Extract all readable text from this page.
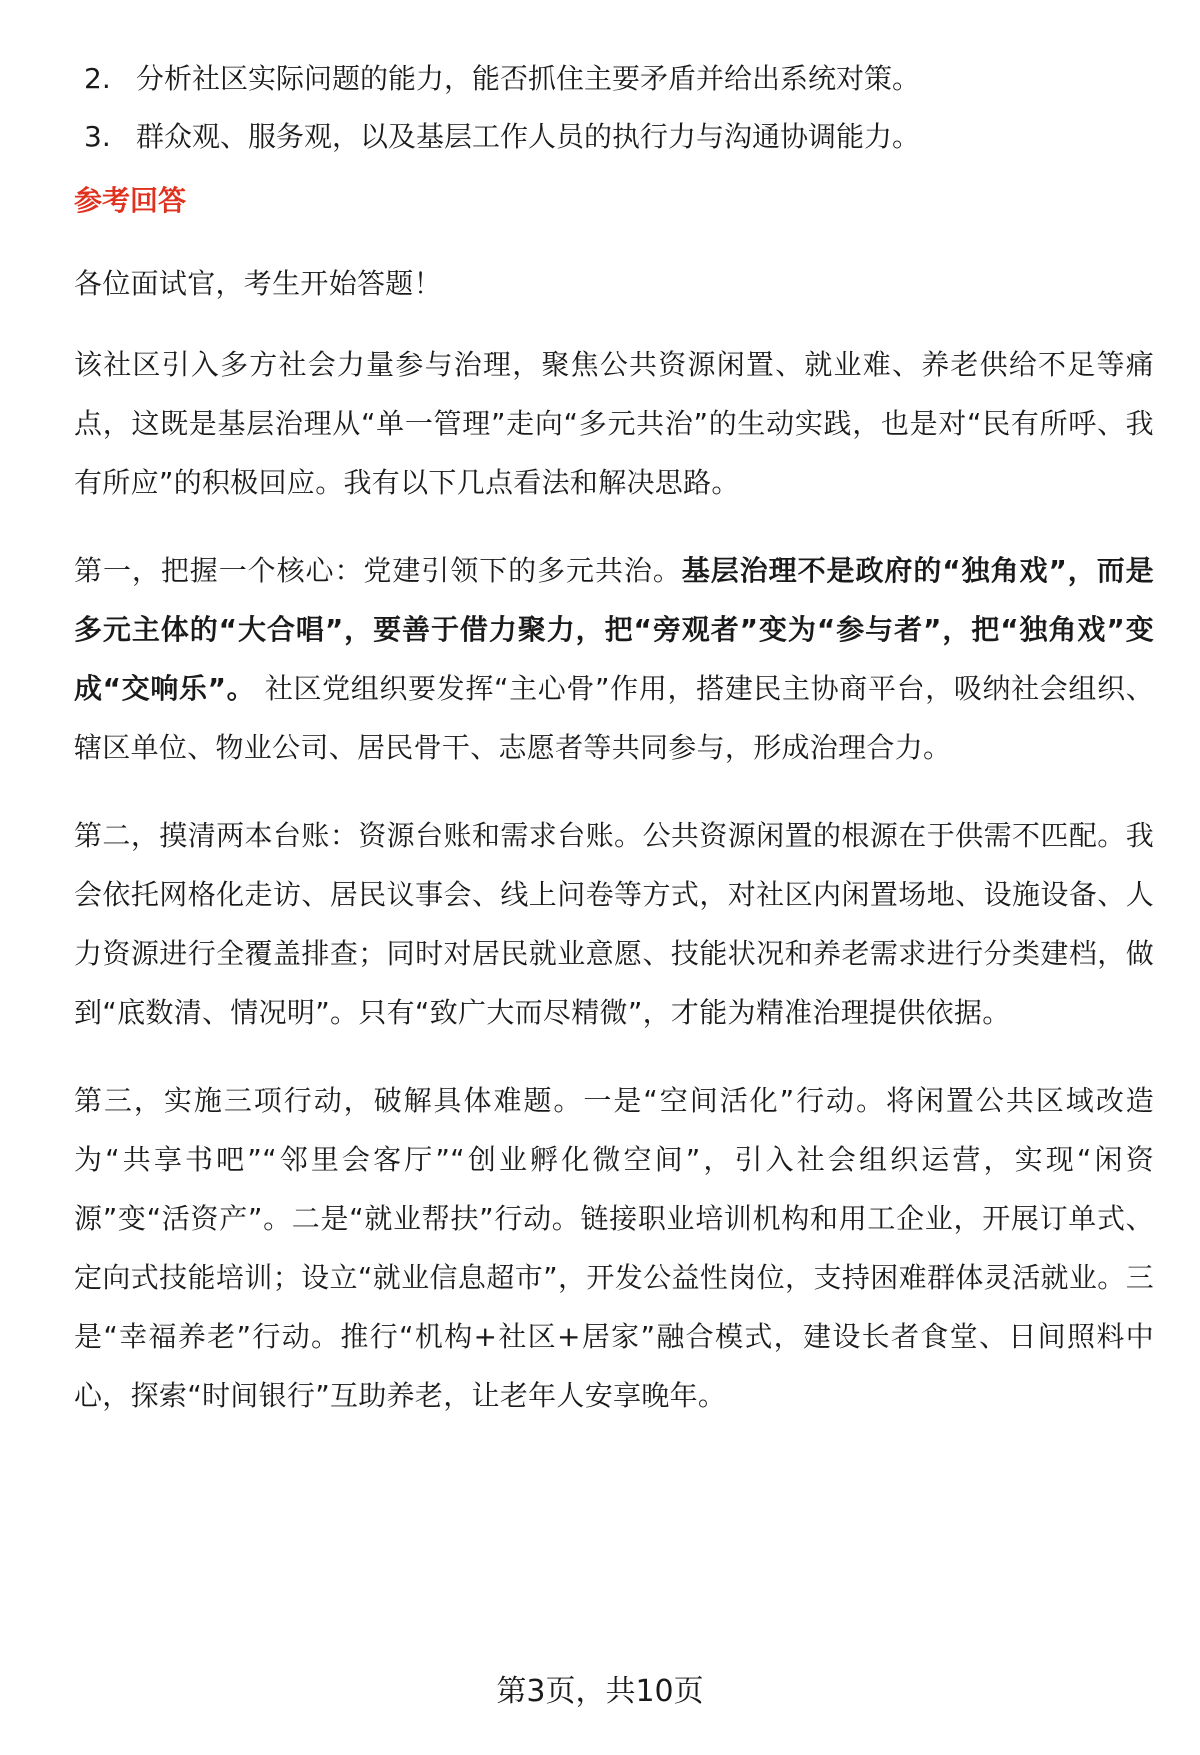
2. 分析社区实际问题的能力，能否抓住主要矛盾并给出系统对策。
3. 群众观、服务观，以及基层工作人员的执行力与沟通协调能力。
参考回答

各位面试官，考生开始答题！

该社区引入多方社会力量参与治理，聚焦公共资源闲置、就业难、养老供给不足等痛点，这既是基层治理从“单一管理”走向“多元共治”的生动实践，也是对“民有所呼、我有所应”的积极回应。我有以下几点看法和解决思路。

第一，把握一个核心：党建引领下的多元共治。基层治理不是政府的“独角戏”，而是多元主体的“大合唱”，要善于借力聚力，把“旁观者”变为“参与者”，把“独角戏”变成“交响乐”。 社区党组织要发挥“主心骨”作用，搭建民主协商平台，吸纳社会组织、辖区单位、物业公司、居民骨干、志愿者等共同参与，形成治理合力。

第二，摸清两本台账：资源台账和需求台账。公共资源闲置的根源在于供需不匹配。我会依托网格化走访、居民议事会、线上问卷等方式，对社区内闲置场地、设施设备、人力资源进行全覆盖排查；同时对居民就业意愿、技能状况和养老需求进行分类建档，做到“底数清、情况明”。只有“致广大而尽精微”，才能为精准治理提供依据。

第三，实施三项行动，破解具体难题。一是“空间活化”行动。将闲置公共区域改造为“共享书吧”“邻里会客厅”“创业孵化微空间”，引入社会组织运营，实现“闲资源”变“活资产”。二是“就业帮扶”行动。链接职业培训机构和用工企业，开展订单式、定向式技能培训；设立“就业信息超市”，开发公益性岗位，支持困难群体灵活就业。三是“幸福养老”行动。推行“机构+社区+居家”融合模式，建设长者食堂、日间照料中心，探索“时间银行”互助养老，让老年人安享晚年。

第3页，共10页
